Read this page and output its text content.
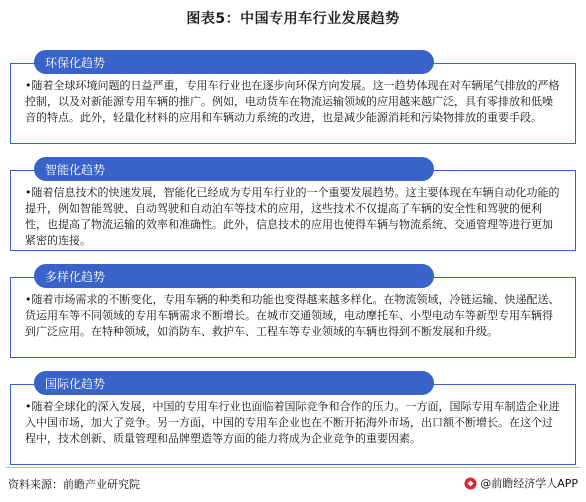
图表5：中国专用车行业发展趋势
环保化趋势
•随着全球环境问题的日益严重，专用车行业也在逐步向环保方向发展。这一趋势体现在对车辆尾气排放的严格控制，以及对新能源专用车辆的推广。例如，电动货车在物流运输领域的应用越来越广泛，具有零排放和低噪音的特点。此外，轻量化材料的应用和车辆动力系统的改进，也是减少能源消耗和污染物排放的重要手段。
智能化趋势
•随着信息技术的快速发展，智能化已经成为专用车行业的一个重要发展趋势。这主要体现在车辆自动化功能的提升，例如智能驾驶、自动驾驶和自动泊车等技术的应用，这些技术不仅提高了车辆的安全性和驾驶的便利性，也提高了物流运输的效率和准确性。此外，信息技术的应用也使得车辆与物流系统、交通管理等进行更加紧密的连接。
多样化趋势
•随着市场需求的不断变化，专用车辆的种类和功能也变得越来越多样化。在物流领域，冷链运输、快递配送、货运用车等不同领域的专用车辆需求不断增长。在城市交通领域，电动摩托车、小型电动车等新型专用车辆得到广泛应用。在特种领域，如消防车、救护车、工程车等专业领域的车辆也得到不断发展和升级。
国际化趋势
•随着全球化的深入发展，中国的专用车行业也面临着国际竞争和合作的压力。一方面，国际专用车制造企业进入中国市场，加大了竞争。另一方面，中国的专用车企业也在不断开拓海外市场，出口额不断增长。在这个过程中，技术创新、质量管理和品牌塑造等方面的能力将成为企业竞争的重要因素。
资料来源：前瞻产业研究院	@前瞻经济学人APP
